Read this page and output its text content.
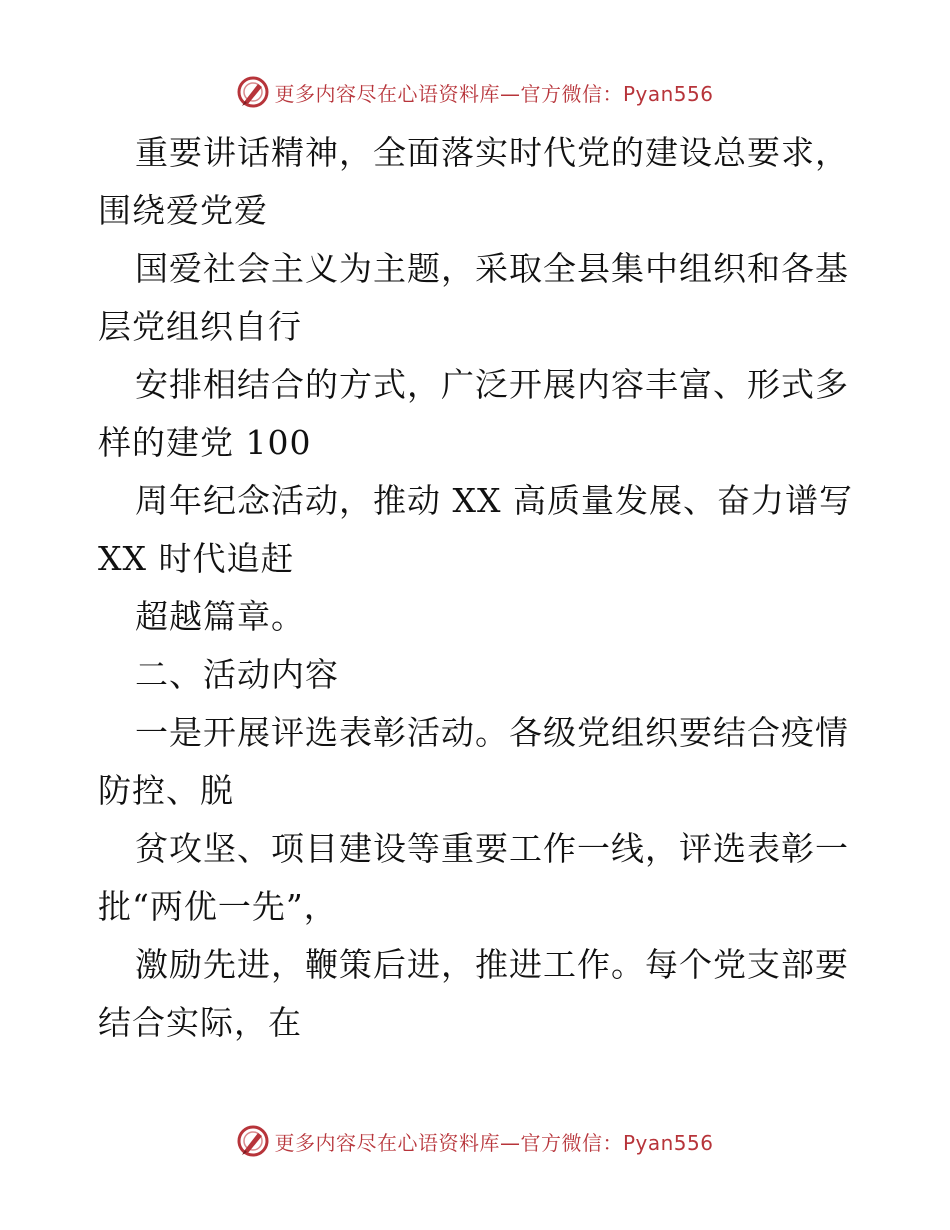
更多内容尽在心语资料库—官方微信：Pyan556
重要讲话精神，全面落实时代党的建设总要求，
围绕爱党爱
国爱社会主义为主题，采取全县集中组织和各基
层党组织自行
安排相结合的方式，广泛开展内容丰富、形式多
样的建党 100
周年纪念活动，推动 XX 高质量发展、奋力谱写
XX 时代追赶
超越篇章。
二、活动内容
一是开展评选表彰活动。各级党组织要结合疫情
防控、脱
贫攻坚、项目建设等重要工作一线，评选表彰一
批“两优一先”，
激励先进，鞭策后进，推进工作。每个党支部要
结合实际，在
更多内容尽在心语资料库—官方微信：Pyan556
